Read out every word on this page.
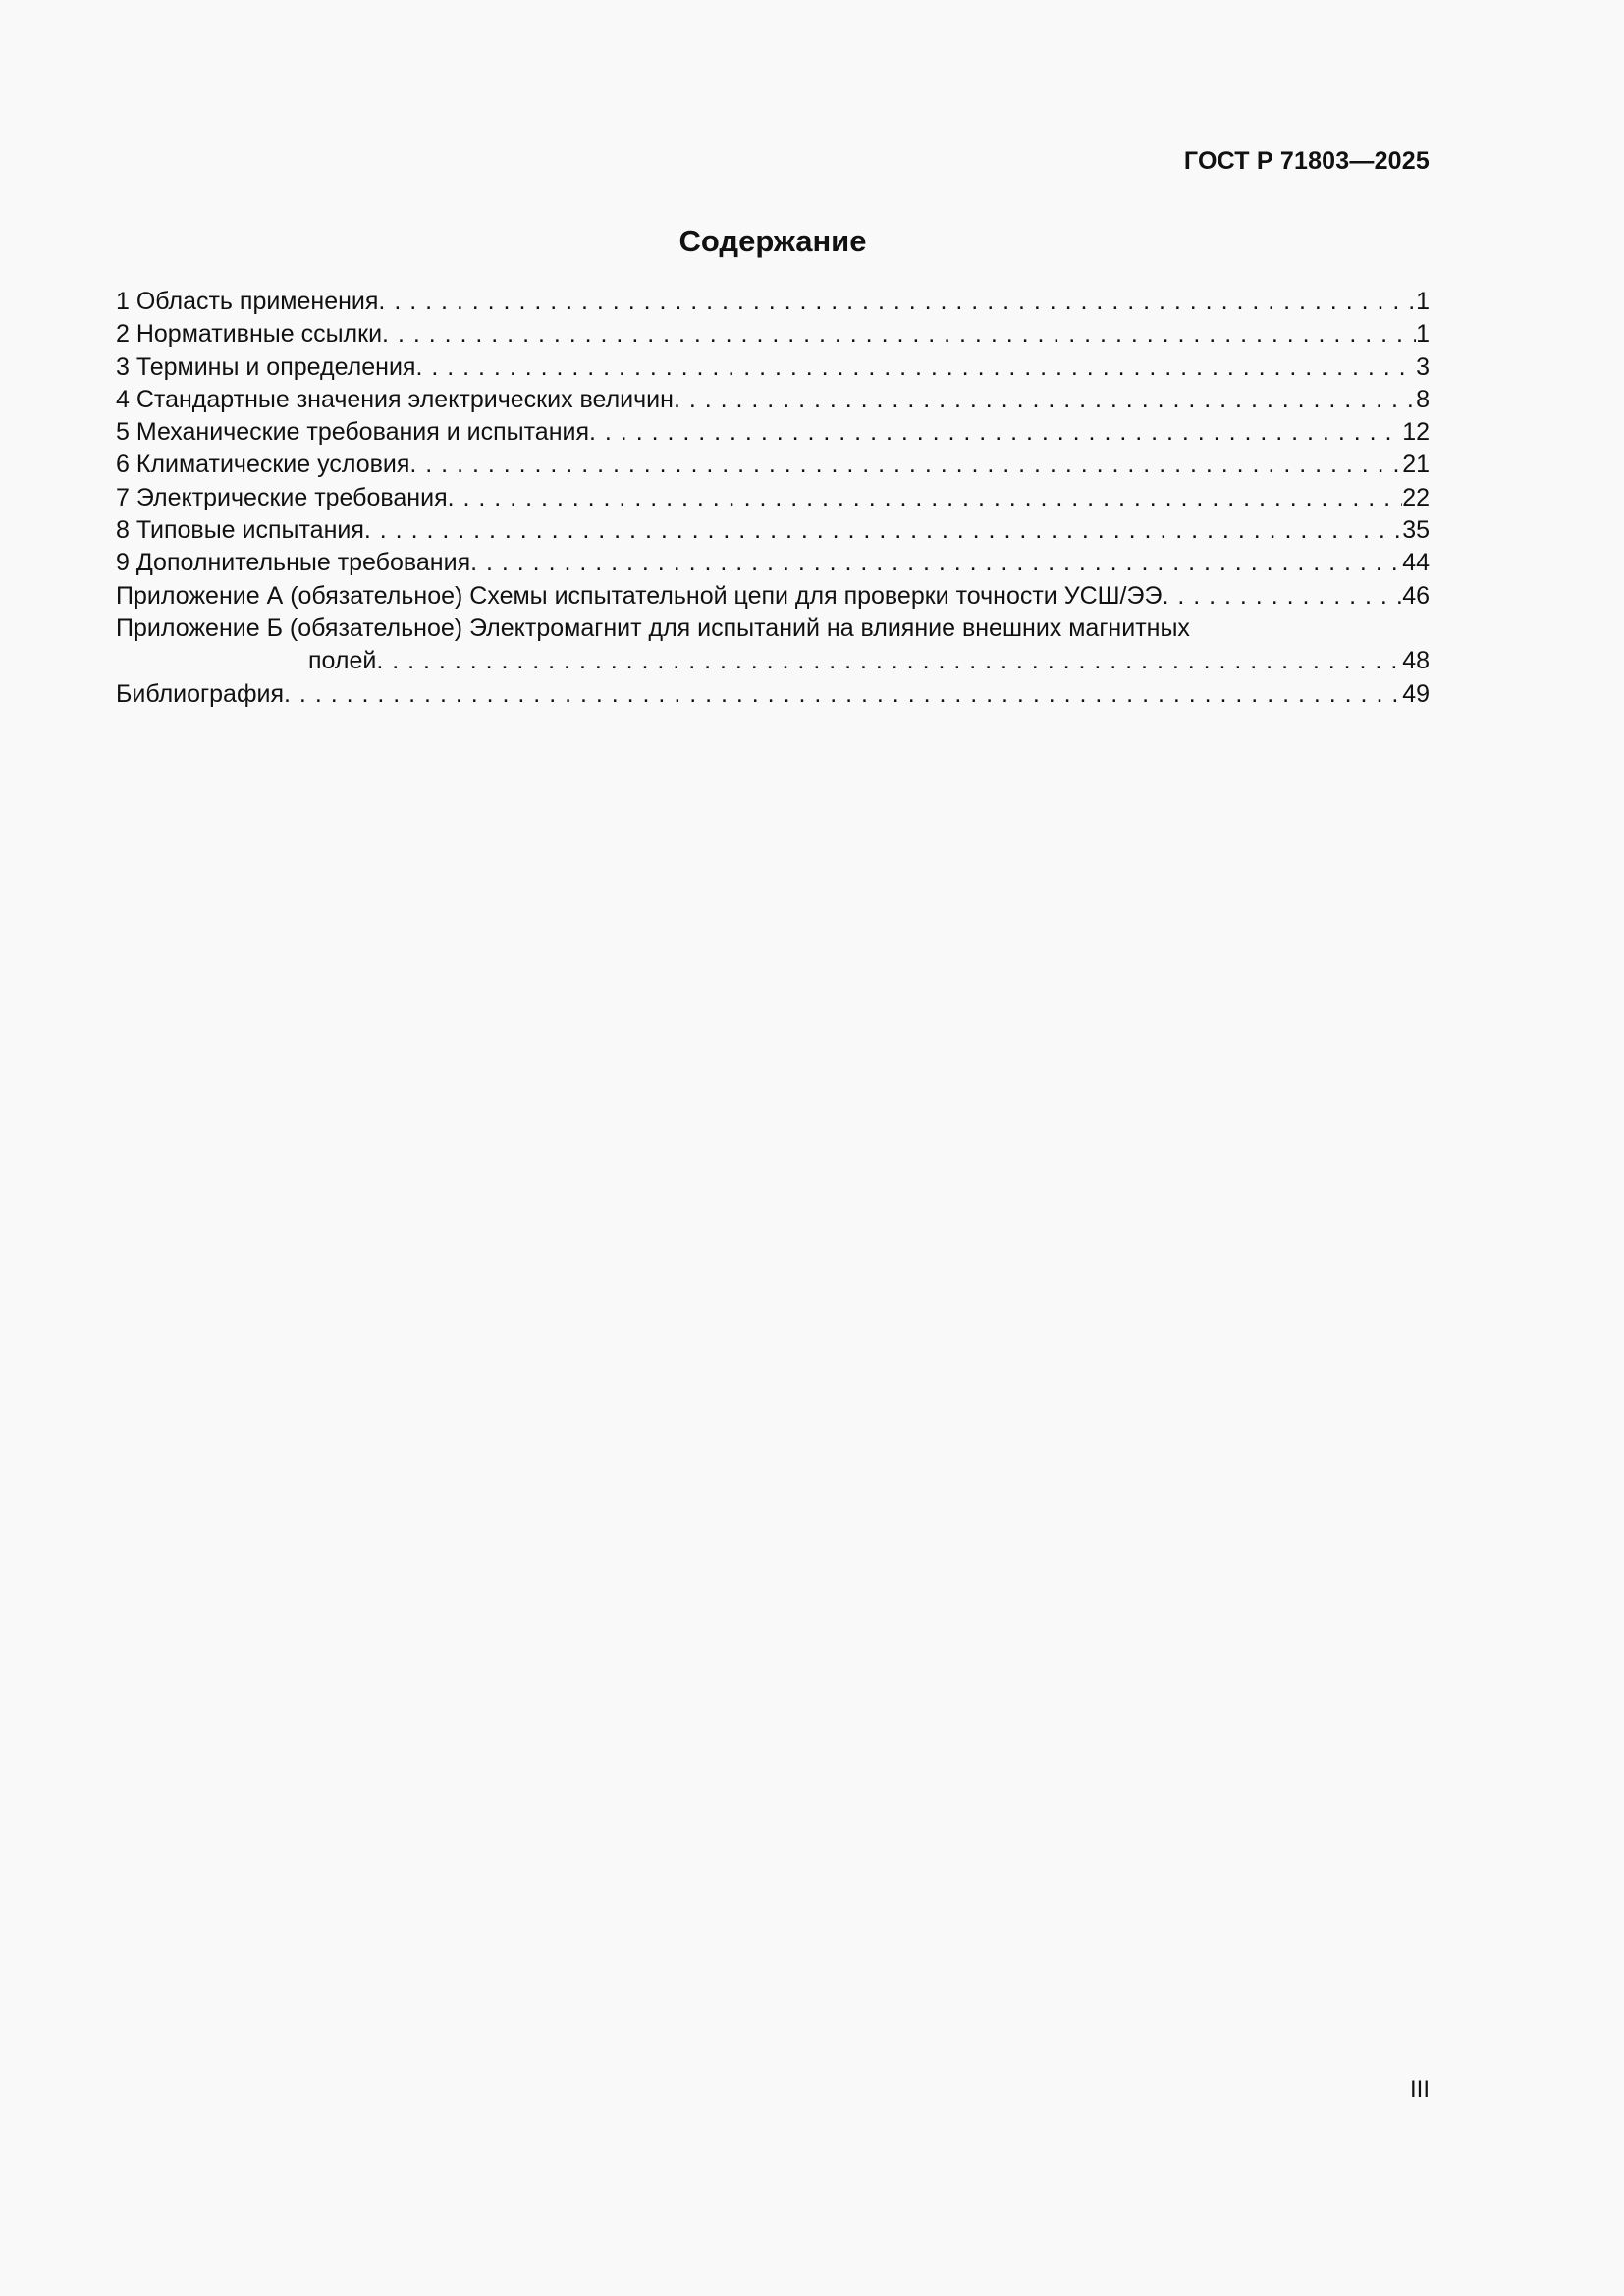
ГОСТ Р 71803—2025
Содержание
1 Область применения . . .	1
2 Нормативные ссылки . . .	1
3 Термины и определения . . .	3
4 Стандартные значения электрических величин . . .	8
5 Механические требования и испытания . . .	12
6 Климатические условия . . .	21
7 Электрические требования . . .	22
8 Типовые испытания . . .	35
9 Дополнительные требования . . .	44
Приложение А (обязательное) Схемы испытательной цепи для проверки точности УСШ/ЭЭ . . .	46
Приложение Б (обязательное) Электромагнит для испытаний на влияние внешних магнитных
полей . . .	48
Библиография . . .	49
III
